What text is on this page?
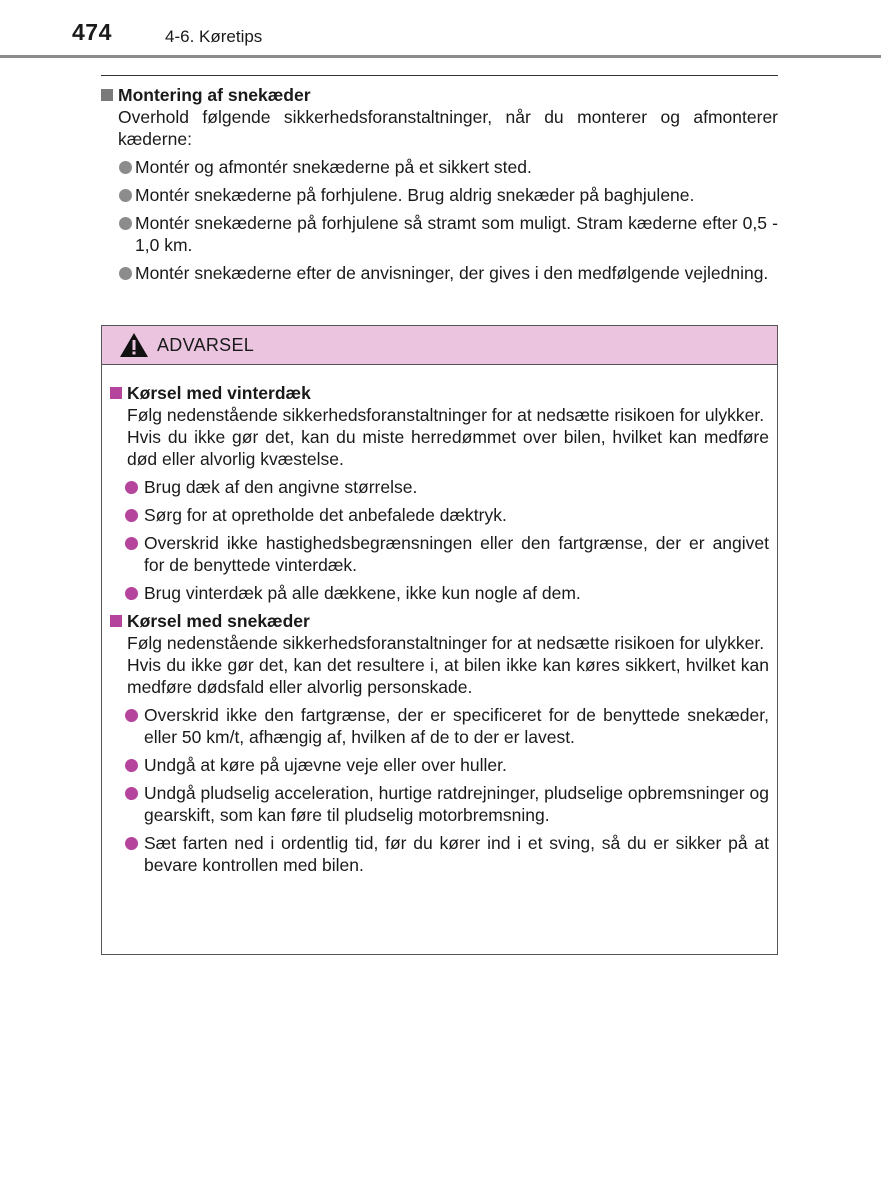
474	4-6. Køretips
Montering af snekæder
Overhold følgende sikkerhedsforanstaltninger, når du monterer og afmonterer kæderne:
Montér og afmontér snekæderne på et sikkert sted.
Montér snekæderne på forhjulene. Brug aldrig snekæder på baghjulene.
Montér snekæderne på forhjulene så stramt som muligt. Stram kæderne efter 0,5 - 1,0 km.
Montér snekæderne efter de anvisninger, der gives i den medfølgende vejledning.
ADVARSEL
Kørsel med vinterdæk
Følg nedenstående sikkerhedsforanstaltninger for at nedsætte risikoen for ulykker.
Hvis du ikke gør det, kan du miste herredømmet over bilen, hvilket kan medføre død eller alvorlig kvæstelse.
Brug dæk af den angivne størrelse.
Sørg for at opretholde det anbefalede dæktryk.
Overskrid ikke hastighedsbegrænsningen eller den fartgrænse, der er angivet for de benyttede vinterdæk.
Brug vinterdæk på alle dækkene, ikke kun nogle af dem.
Kørsel med snekæder
Følg nedenstående sikkerhedsforanstaltninger for at nedsætte risikoen for ulykker.
Hvis du ikke gør det, kan det resultere i, at bilen ikke kan køres sikkert, hvilket kan medføre dødsfald eller alvorlig personskade.
Overskrid ikke den fartgrænse, der er specificeret for de benyttede snekæder, eller 50 km/t, afhængig af, hvilken af de to der er lavest.
Undgå at køre på ujævne veje eller over huller.
Undgå pludselig acceleration, hurtige ratdrejninger, pludselige opbremsninger og gearskift, som kan føre til pludselig motorbremsning.
Sæt farten ned i ordentlig tid, før du kører ind i et sving, så du er sikker på at bevare kontrollen med bilen.
